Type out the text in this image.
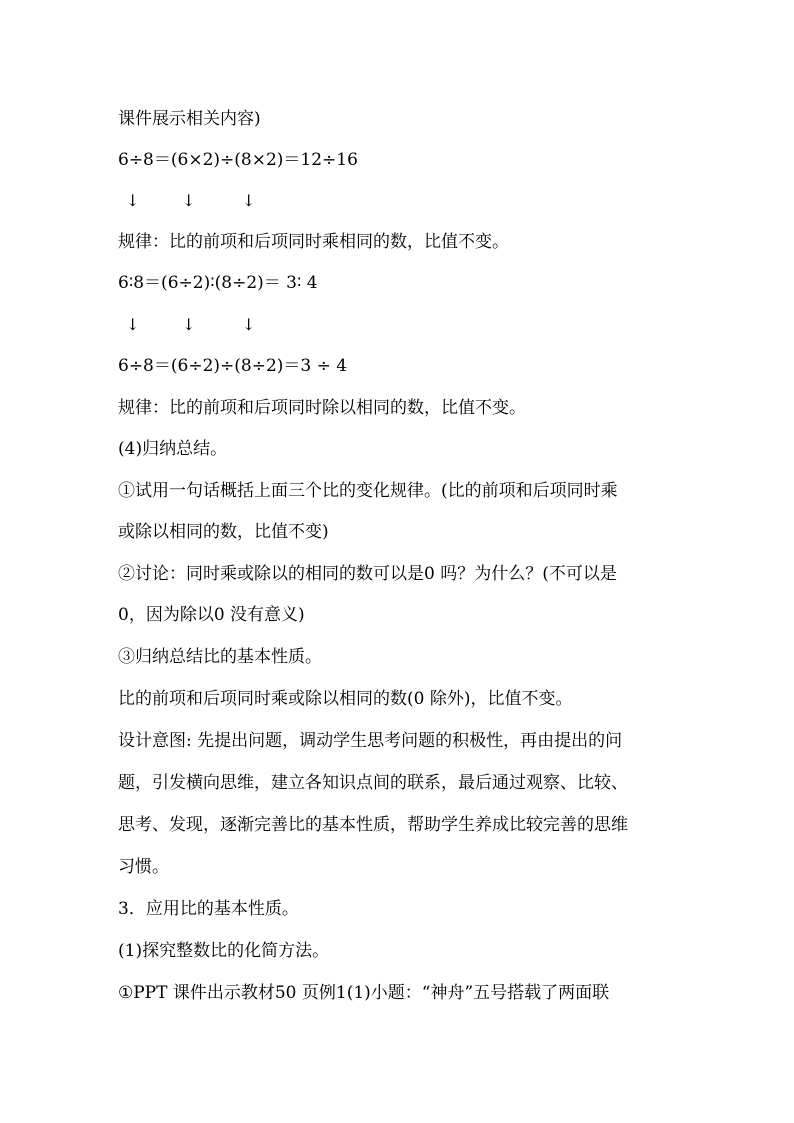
课件展示相关内容)
6÷8＝(6×2)÷(8×2)＝12÷16
↓	↓	↓
规律：比的前项和后项同时乘相同的数，比值不变。
6∶8＝(6÷2)∶(8÷2)＝ 3∶ 4
↓	↓	↓
6÷8＝(6÷2)÷(8÷2)＝3 ÷ 4
规律：比的前项和后项同时除以相同的数，比值不变。
(4)归纳总结。
①试用一句话概括上面三个比的变化规律。(比的前项和后项同时乘
或除以相同的数，比值不变)
②讨论：同时乘或除以的相同的数可以是0 吗？为什么？(不可以是
0，因为除以0 没有意义)
③归纳总结比的基本性质。
比的前项和后项同时乘或除以相同的数(0 除外)，比值不变。
设计意图: 先提出问题，调动学生思考问题的积极性，再由提出的问
题，引发横向思维，建立各知识点间的联系，最后通过观察、比较、
思考、发现，逐渐完善比的基本性质，帮助学生养成比较完善的思维
习惯。
3．应用比的基本性质。
(1)探究整数比的化简方法。
①PPT 课件出示教材50 页例1(1)小题：“神舟”五号搭载了两面联
